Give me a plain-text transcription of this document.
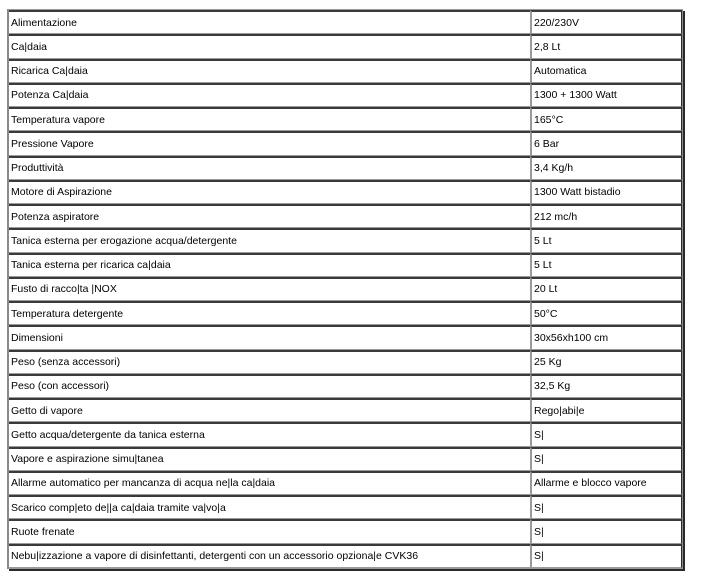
Alimentazione	220/230V
Ca|daia	2,8 Lt
Ricarica Ca|daia	Automatica
Potenza Ca|daia	1300 + 1300 Watt
Temperatura vapore	165°C
Pressione Vapore	6 Bar
Produttività	3,4 Kg/h
Motore di Aspirazione	1300 Watt bistadio
Potenza aspiratore	212 mc/h
Tanica esterna per erogazione acqua/detergente	5 Lt
Tanica esterna per ricarica ca|daia	5 Lt
Fusto di racco|ta |NOX	20 Lt
Temperatura detergente	50°C
Dimensioni	30x56xh100 cm
Peso (senza accessori)	25 Kg
Peso (con accessori)	32,5 Kg
Getto di vapore	Rego|abi|e
Getto acqua/detergente da tanica esterna	S|
Vapore e aspirazione simu|tanea	S|
Allarme automatico per mancanza di acqua ne|la ca|daia	Allarme e blocco vapore
Scarico comp|eto de||a ca|daia tramite va|vo|a	S|
Ruote frenate	S|
Nebu|izzazione a vapore di disinfettanti, detergenti con un accessorio opziona|e CVK36	S|
